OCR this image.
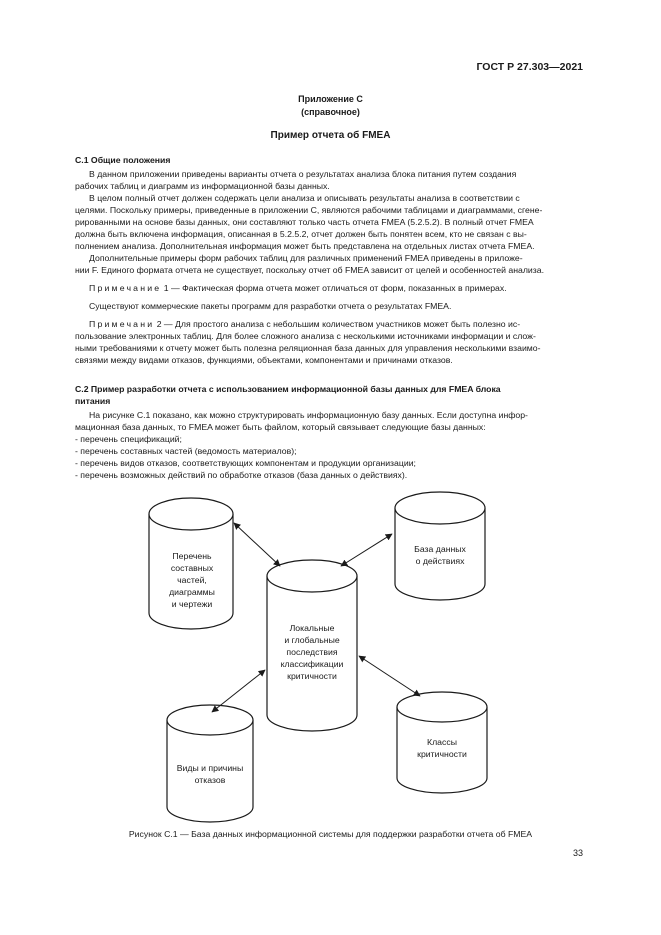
ГОСТ Р 27.303—2021
Приложение С
(справочное)
Пример отчета об FMEA
С.1 Общие положения
В данном приложении приведены варианты отчета о результатах анализа блока питания путем создания
рабочих таблиц и диаграмм из информационной базы данных.
В целом полный отчет должен содержать цели анализа и описывать результаты анализа в соответствии с
целями. Поскольку примеры, приведенные в приложении С, являются рабочими таблицами и диаграммами, сгене-
рированными на основе базы данных, они составляют только часть отчета FMEA (5.2.5.2). В полный отчет FMEA
должна быть включена информация, описанная в 5.2.5.2, отчет должен быть понятен всем, кто не связан с вы-
полнением анализа. Дополнительная информация может быть представлена на отдельных листах отчета FMEA.
Дополнительные примеры форм рабочих таблиц для различных применений FMEA приведены в приложе-
нии F. Единого формата отчета не существует, поскольку отчет об FMEA зависит от целей и особенностей анализа.
Примечание 1 — Фактическая форма отчета может отличаться от форм, показанных в примерах.
Существуют коммерческие пакеты программ для разработки отчета о результатах FMEA.
Примечани 2 — Для простого анализа с небольшим количеством участников может быть полезно ис-
пользование электронных таблиц. Для более сложного анализа с несколькими источниками информации и слож-
ными требованиями к отчету может быть полезна реляционная база данных для управления несколькими взаимо-
связями между видами отказов, функциями, объектами, компонентами и причинами отказов.
С.2 Пример разработки отчета с использованием информационной базы данных для FMEA блока
питания
На рисунке С.1 показано, как можно структурировать информационную базу данных. Если доступна инфор-
мационная база данных, то FMEA может быть файлом, который связывает следующие базы данных:
- перечень спецификаций;
- перечень составных частей (ведомость материалов);
- перечень видов отказов, соответствующих компонентам и продукции организации;
- перечень возможных действий по обработке отказов (база данных о действиях).
Перечень
составных
частей,
диаграммы
и чертежи
База данных
о действиях
Локальные
и глобальные
последствия
классификации
критичности
Виды и причины
отказов
Классы
критичности
Рисунок С.1 — База данных информационной системы для поддержки разработки отчета об FMEA
33
